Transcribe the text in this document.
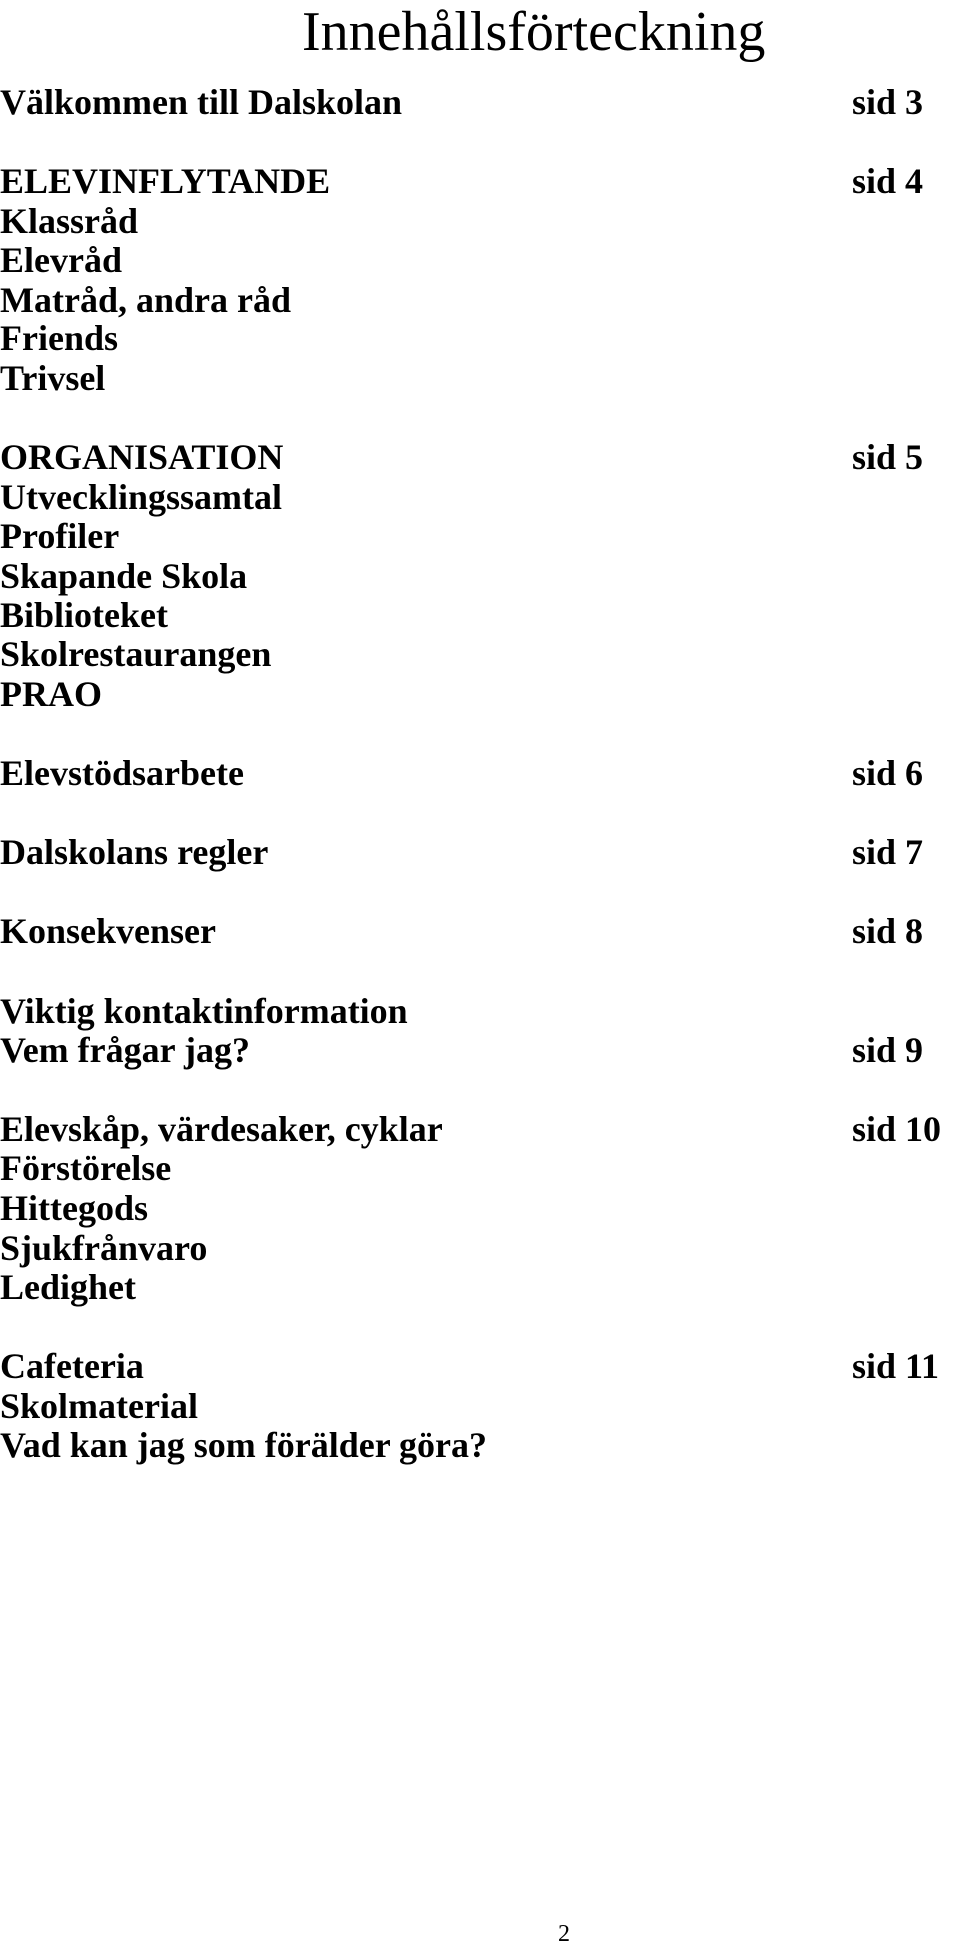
Innehållsförteckning
Välkommen till Dalskolan	sid 3
ELEVINFLYTANDE	sid 4
Klassråd
Elevråd
Matråd, andra råd
Friends
Trivsel
ORGANISATION	sid 5
Utvecklingssamtal
Profiler
Skapande Skola
Biblioteket
Skolrestaurangen
PRAO
Elevstödsarbete	sid 6
Dalskolans regler	sid 7
Konsekvenser	sid 8
Viktig kontaktinformation
Vem frågar jag?	sid 9
Elevskåp, värdesaker, cyklar	sid 10
Förstörelse
Hittegods
Sjukfrånvaro
Ledighet
Cafeteria	sid 11
Skolmaterial
Vad kan jag som förälder göra?
2
